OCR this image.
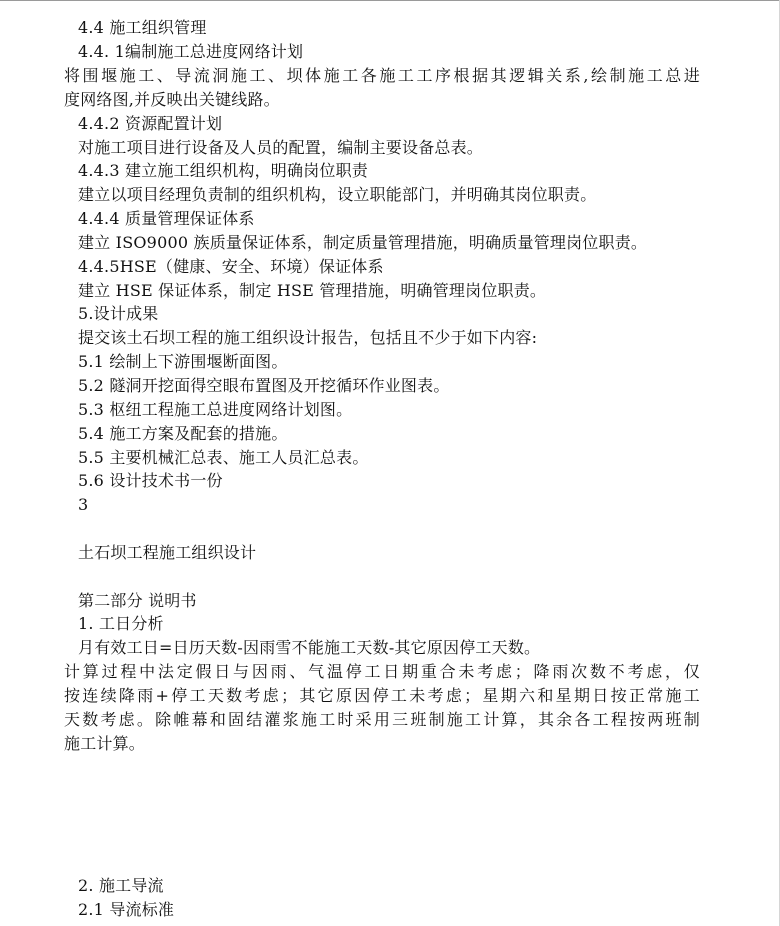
4.4 施工组织管理

4.4. 1编制施工总进度网络计划

将围堰施工、导流洞施工、坝体施工各施工工序根据其逻辑关系,绘制施工总进

度网络图,并反映出关键线路。

4.4.2 资源配置计划

对施工项目进行设备及人员的配置，编制主要设备总表。

4.4.3 建立施工组织机构，明确岗位职责

建立以项目经理负责制的组织机构，设立职能部门，并明确其岗位职责。

4.4.4 质量管理保证体系

建立 ISO9000 族质量保证体系，制定质量管理措施，明确质量管理岗位职责。

4.4.5HSE（健康、安全、环境）保证体系

建立 HSE 保证体系，制定 HSE 管理措施，明确管理岗位职责。

5.设计成果

提交该土石坝工程的施工组织设计报告，包括且不少于如下内容:

5.1 绘制上下游围堰断面图。

5.2 隧洞开挖面得空眼布置图及开挖循环作业图表。

5.3 枢纽工程施工总进度网络计划图。

5.4 施工方案及配套的措施。

5.5 主要机械汇总表、施工人员汇总表。

5.6 设计技术书一份

3

土石坝工程施工组织设计

第二部分 说明书

1. 工日分析

月有效工日=日历天数-因雨雪不能施工天数-其它原因停工天数。

计算过程中法定假日与因雨、气温停工日期重合未考虑；降雨次数不考虑，仅

按连续降雨+停工天数考虑；其它原因停工未考虑；星期六和星期日按正常施工

天数考虑。除帷幕和固结灌浆施工时采用三班制施工计算，其余各工程按两班制

施工计算。

2. 施工导流

2.1 导流标准
